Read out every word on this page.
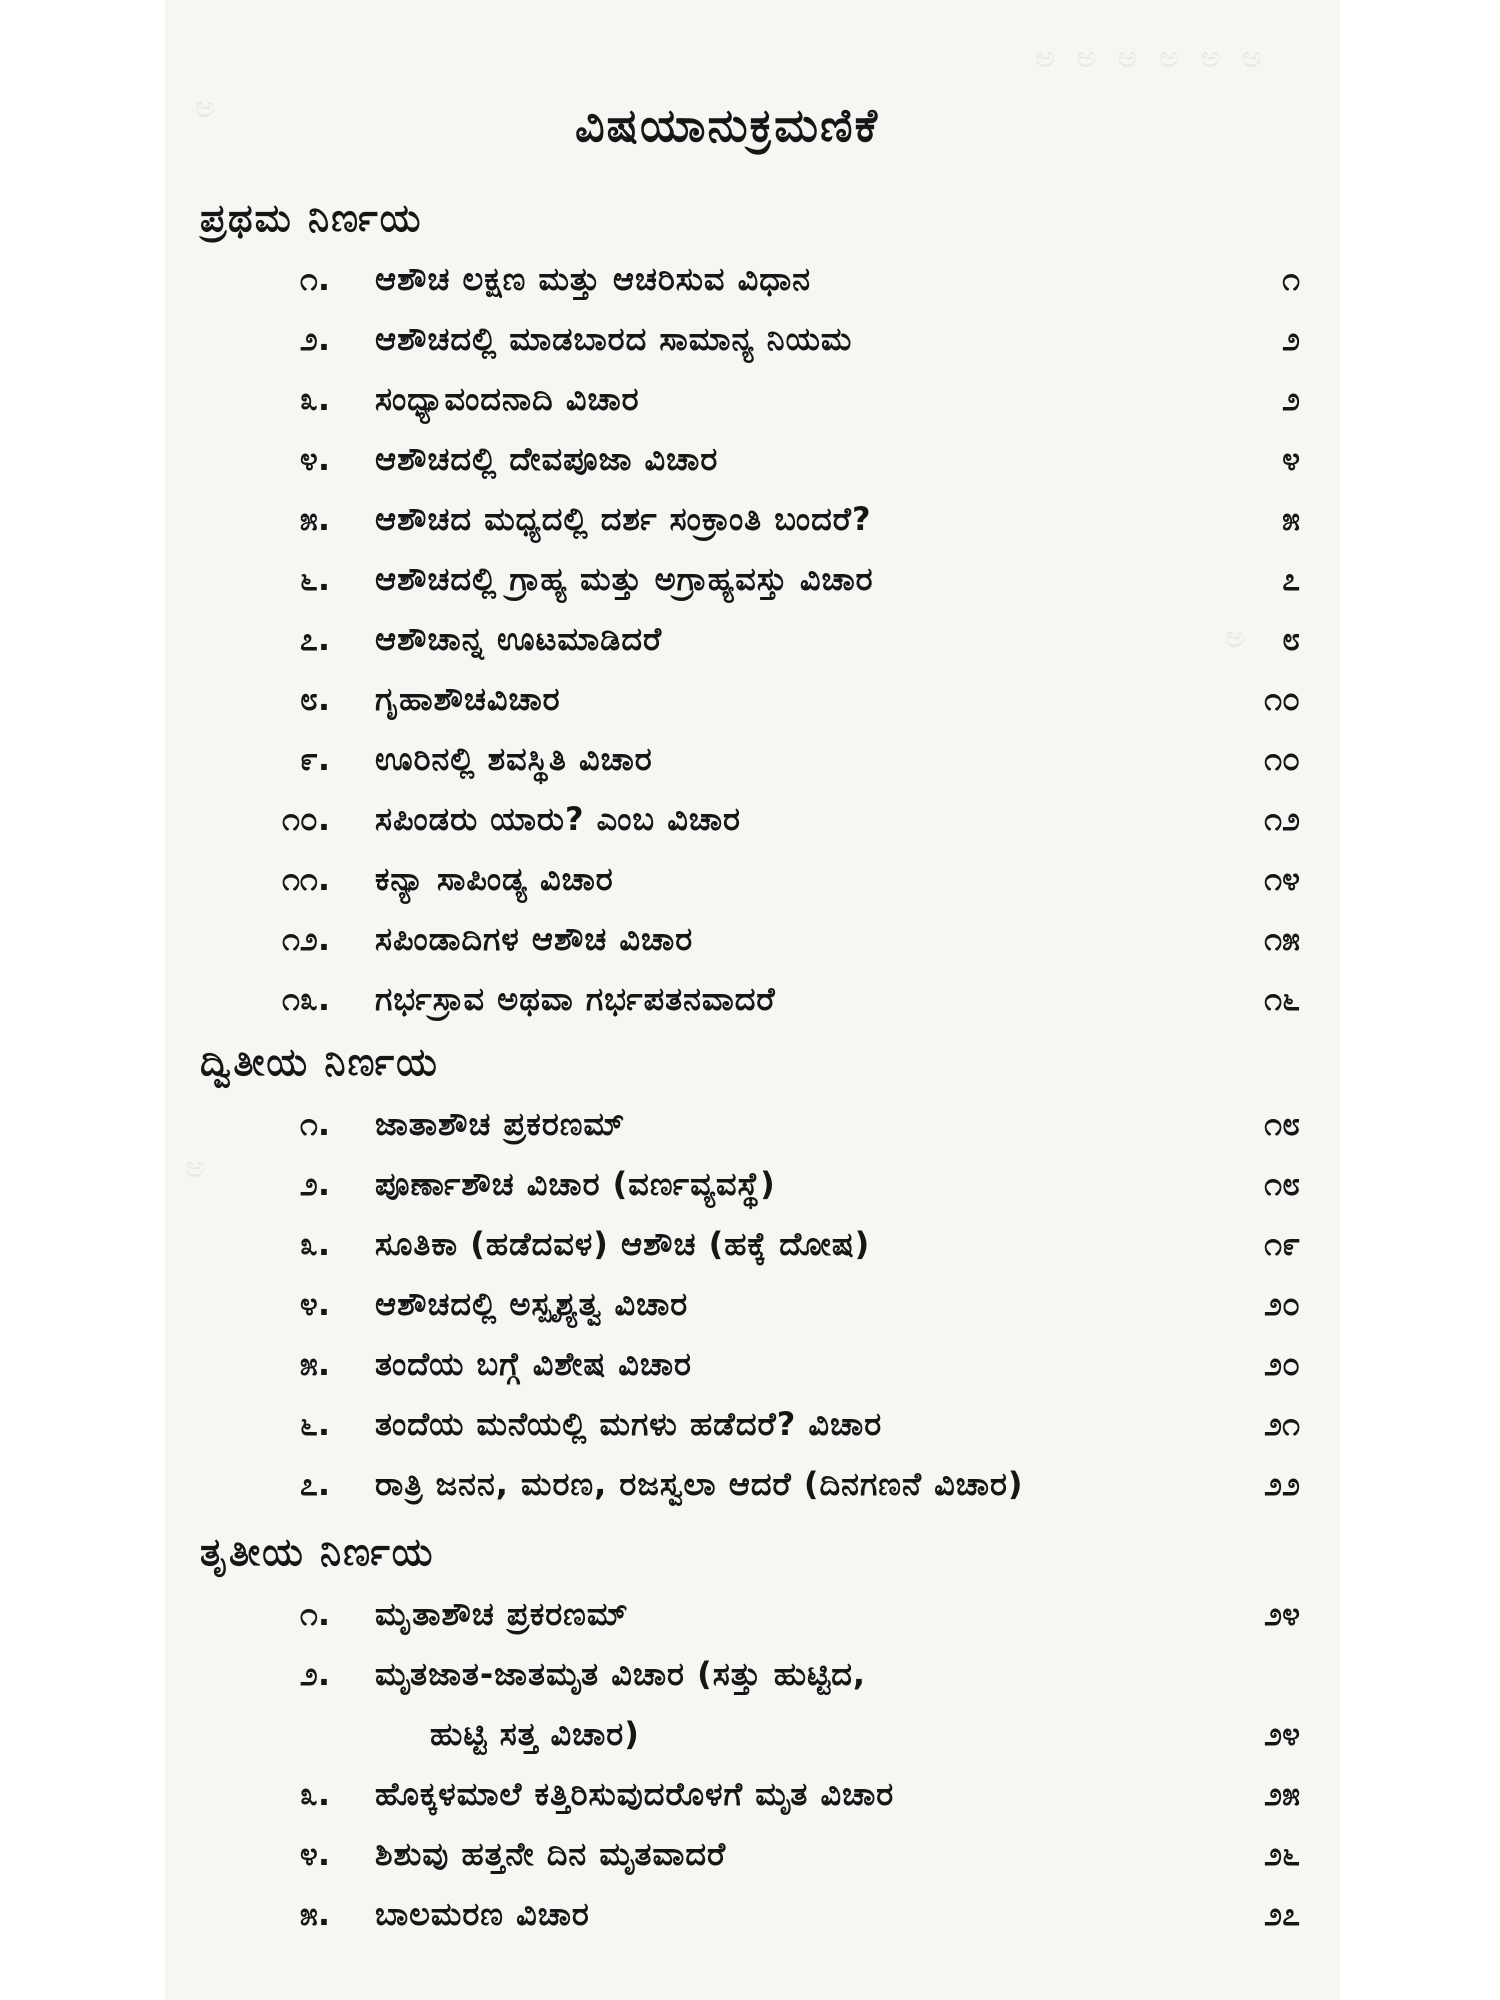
ಅ ಅ ಅ ಅ ಅ ಅ
ಅ
ಅ
ಅ
ವಿಷಯಾನುಕ್ರಮಣಿಕೆ
ಪ್ರಥಮ ನಿರ್ಣಯ
೧. ಆಶೌಚ ಲಕ್ಷಣ ಮತ್ತು ಆಚರಿಸುವ ವಿಧಾನ	೧
೨. ಆಶೌಚದಲ್ಲಿ ಮಾಡಬಾರದ ಸಾಮಾನ್ಯ ನಿಯಮ	೨
೩. ಸಂಧ್ಯಾವಂದನಾದಿ ವಿಚಾರ	೨
೪. ಆಶೌಚದಲ್ಲಿ ದೇವಪೂಜಾ ವಿಚಾರ	೪
೫. ಆಶೌಚದ ಮಧ್ಯದಲ್ಲಿ ದರ್ಶ ಸಂಕ್ರಾಂತಿ ಬಂದರೆ?	೫
೬. ಆಶೌಚದಲ್ಲಿ ಗ್ರಾಹ್ಯ ಮತ್ತು ಅಗ್ರಾಹ್ಯವಸ್ತು ವಿಚಾರ	೭
೭. ಆಶೌಚಾನ್ನ ಊಟಮಾಡಿದರೆ	೮
೮. ಗೃಹಾಶೌಚವಿಚಾರ	೧೦
೯. ಊರಿನಲ್ಲಿ ಶವಸ್ಥಿತಿ ವಿಚಾರ	೧೦
೧೦. ಸಪಿಂಡರು ಯಾರು? ಎಂಬ ವಿಚಾರ	೧೨
೧೧. ಕನ್ಯಾ ಸಾಪಿಂಡ್ಯ ವಿಚಾರ	೧೪
೧೨. ಸಪಿಂಡಾದಿಗಳ ಆಶೌಚ ವಿಚಾರ	೧೫
೧೩. ಗರ್ಭಸ್ರಾವ ಅಥವಾ ಗರ್ಭಪತನವಾದರೆ	೧೬
ದ್ವಿತೀಯ ನಿರ್ಣಯ
೧. ಜಾತಾಶೌಚ ಪ್ರಕರಣಮ್	೧೮
೨. ಪೂರ್ಣಾಶೌಚ ವಿಚಾರ (ವರ್ಣವ್ಯವಸ್ಥೆ)	೧೮
೩. ಸೂತಿಕಾ (ಹಡೆದವಳ) ಆಶೌಚ (ಹಕ್ಕೆ ದೋಷ)	೧೯
೪. ಆಶೌಚದಲ್ಲಿ ಅಸ್ಪೃಶ್ಯತ್ವ ವಿಚಾರ	೨೦
೫. ತಂದೆಯ ಬಗ್ಗೆ ವಿಶೇಷ ವಿಚಾರ	೨೦
೬. ತಂದೆಯ ಮನೆಯಲ್ಲಿ ಮಗಳು ಹಡೆದರೆ? ವಿಚಾರ	೨೧
೭. ರಾತ್ರಿ ಜನನ, ಮರಣ, ರಜಸ್ವಲಾ ಆದರೆ (ದಿನಗಣನೆ ವಿಚಾರ)	೨೨
ತೃತೀಯ ನಿರ್ಣಯ
೧. ಮೃತಾಶೌಚ ಪ್ರಕರಣಮ್	೨೪
೨. ಮೃತಜಾತ-ಜಾತಮೃತ ವಿಚಾರ (ಸತ್ತು ಹುಟ್ಟಿದ,
ಹುಟ್ಟಿ ಸತ್ತ ವಿಚಾರ)	೨೪
೩. ಹೊಕ್ಕಳಮಾಲೆ ಕತ್ತಿರಿಸುವುದರೊಳಗೆ ಮೃತ ವಿಚಾರ	೨೫
೪. ಶಿಶುವು ಹತ್ತನೇ ದಿನ ಮೃತವಾದರೆ	೨೬
೫. ಬಾಲಮರಣ ವಿಚಾರ	೨೭
